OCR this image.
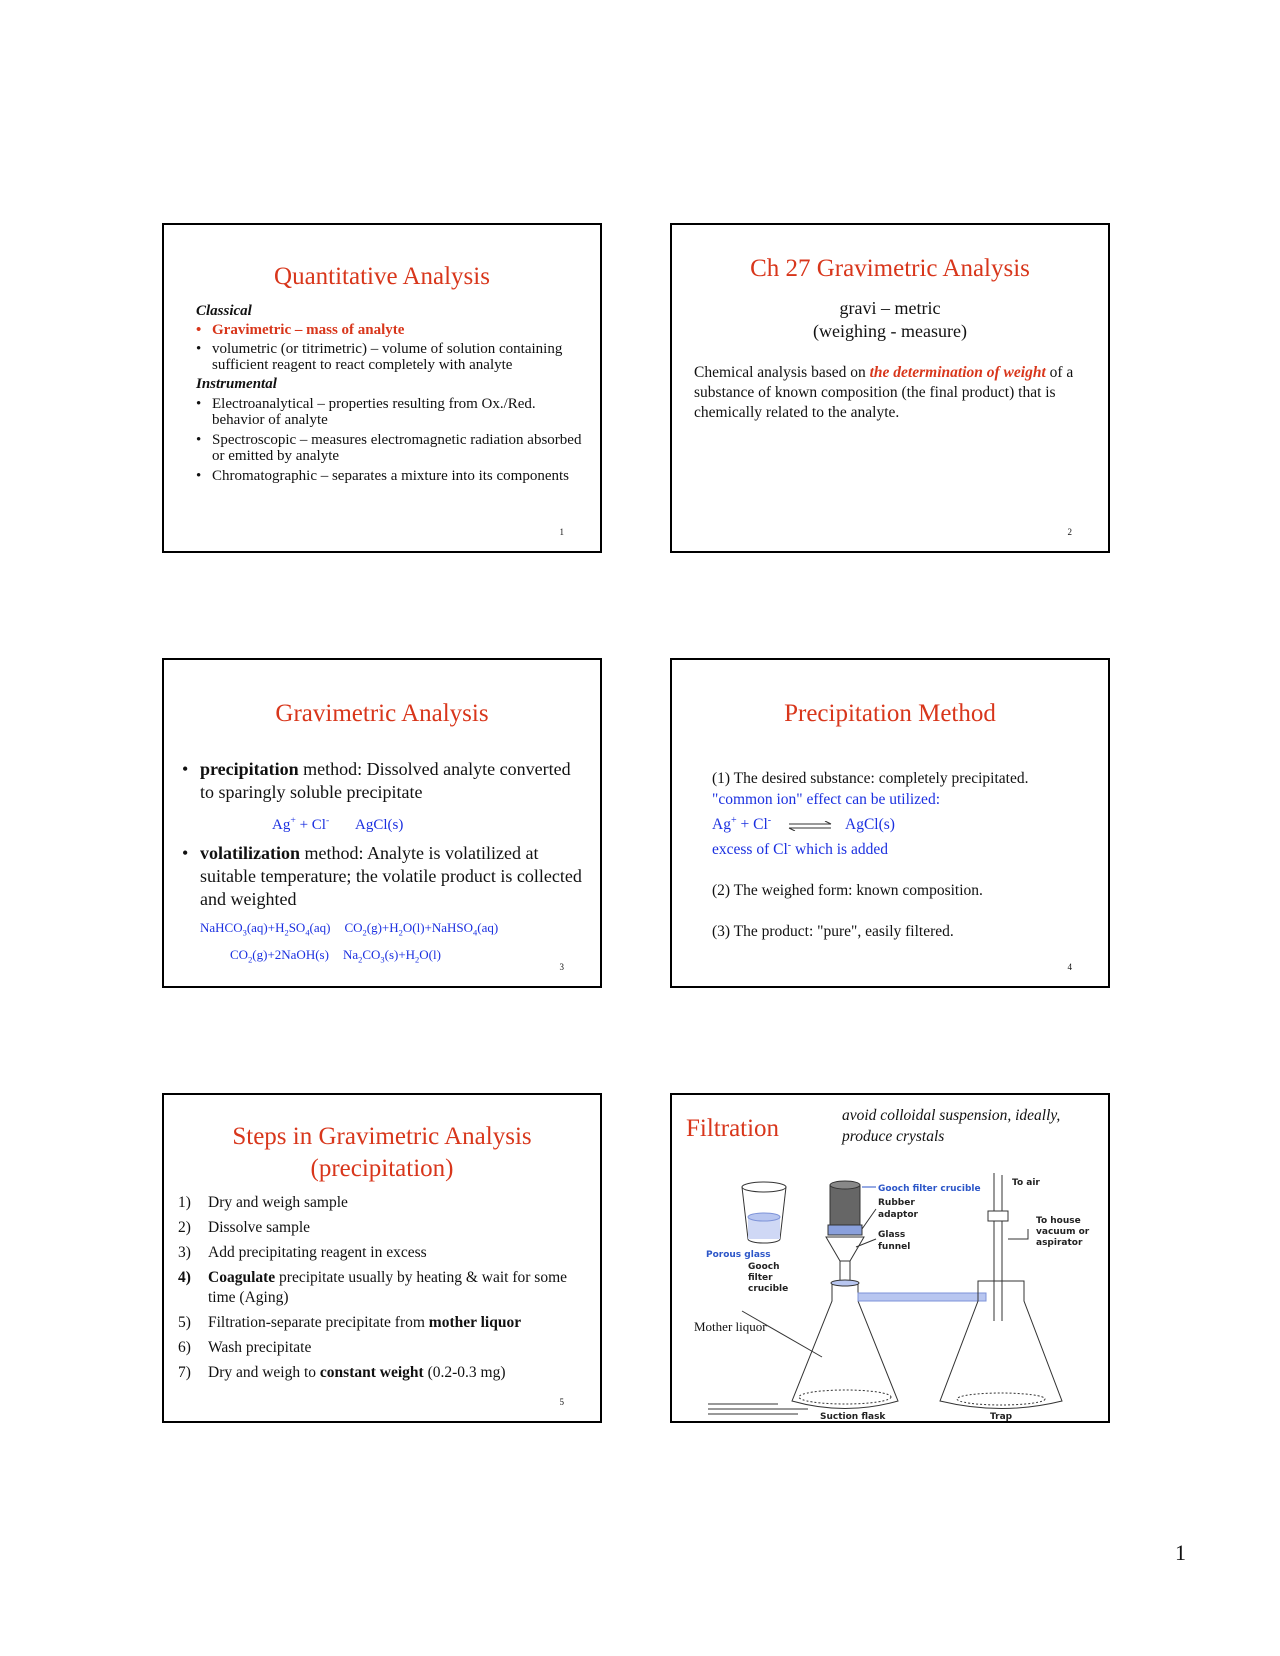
Quantitative Analysis
Classical
• Gravimetric – mass of analyte
• volumetric (or titrimetric) – volume of solution containing sufficient reagent to react completely with analyte
Instrumental
• Electroanalytical – properties resulting from Ox./Red. behavior of analyte
• Spectroscopic – measures electromagnetic radiation absorbed or emitted by analyte
• Chromatographic – separates a mixture into its components
1
Ch 27 Gravimetric Analysis
gravi – metric
(weighing - measure)

Chemical analysis based on the determination of weight of a substance of known composition (the final product) that is chemically related to the analyte.

2
Gravimetric Analysis
• precipitation method: Dissolved analyte converted to sparingly soluble precipitate
Ag+ + Cl- AgCl(s)
• volatilization method: Analyte is volatilized at suitable temperature; the volatile product is collected and weighted
$NaHCO_3(aq)+H_2SO_4(aq)$ $CO_2(g)+H_2O(l)+NaHSO_4(aq)$
$CO_2(g)+2NaOH(s)$ $Na_2CO_3(s)+H_2O(l)$
3
Precipitation Method
(1) The desired substance: completely precipitated.
"common ion" effect can be utilized:
Ag+ + Cl- ⇌ AgCl(s)
excess of Cl- which is added
(2) The weighed form: known composition.
(3) The product: "pure", easily filtered.
4
Steps in Gravimetric Analysis
(precipitation)
1)	Dry and weigh sample
2)	Dissolve sample
3)	Add precipitating reagent in excess
4)	Coagulate precipitate usually by heating & wait for some time (Aging)
5)	Filtration-separate precipitate from mother liquor
6)	Wash precipitate
7)	Dry and weigh to constant weight (0.2-0.3 mg)
5
Filtration	avoid colloidal suspension, ideally, produce crystals
Gooch filter crucible
Rubber
adaptor
Glass
funnel
To air
To house
vacuum or
aspirator
Porous glass
Gooch
filter
crucible
Mother liquor
Suction flask	Trap
1
